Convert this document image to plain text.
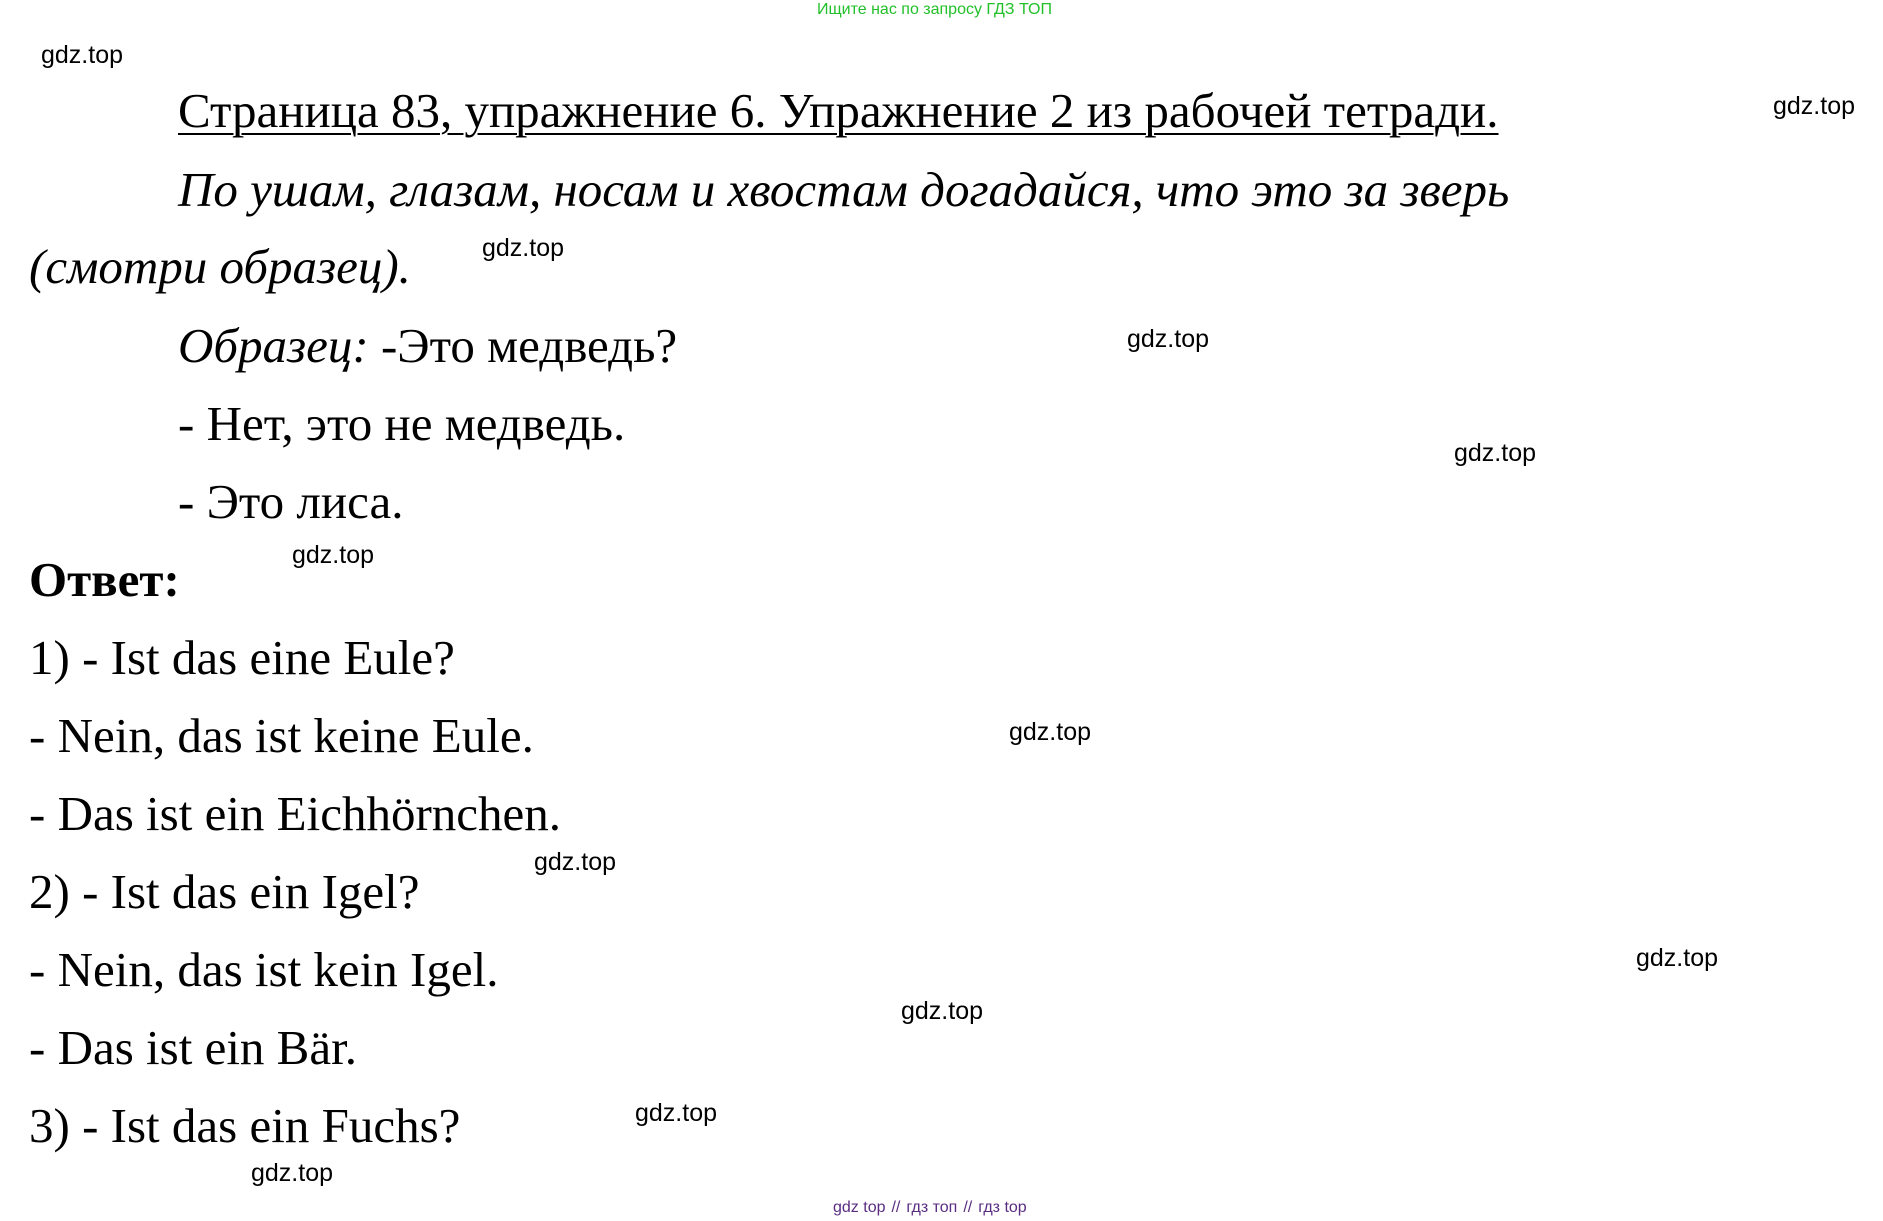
Ищите нас по запросу ГДЗ ТОП
Страница 83, упражнение 6. Упражнение 2 из рабочей тетради.
По ушам, глазам, носам и хвостам догадайся, что это за зверь
(смотри образец).
Образец: -Это медведь?
- Нет, это не медведь.
- Это лиса.
Ответ:
1) - Ist das eine Eule?
- Nein, das ist keine Eule.
- Das ist ein Eichhörnchen.
2) - Ist das ein Igel?
- Nein, das ist kein Igel.
- Das ist ein Bär.
3) - Ist das ein Fuchs?
gdz.top
gdz.top
gdz.top
gdz.top
gdz.top
gdz.top
gdz.top
gdz.top
gdz.top
gdz.top
gdz.top
gdz.top
gdz top // гдз топ // гдз top
